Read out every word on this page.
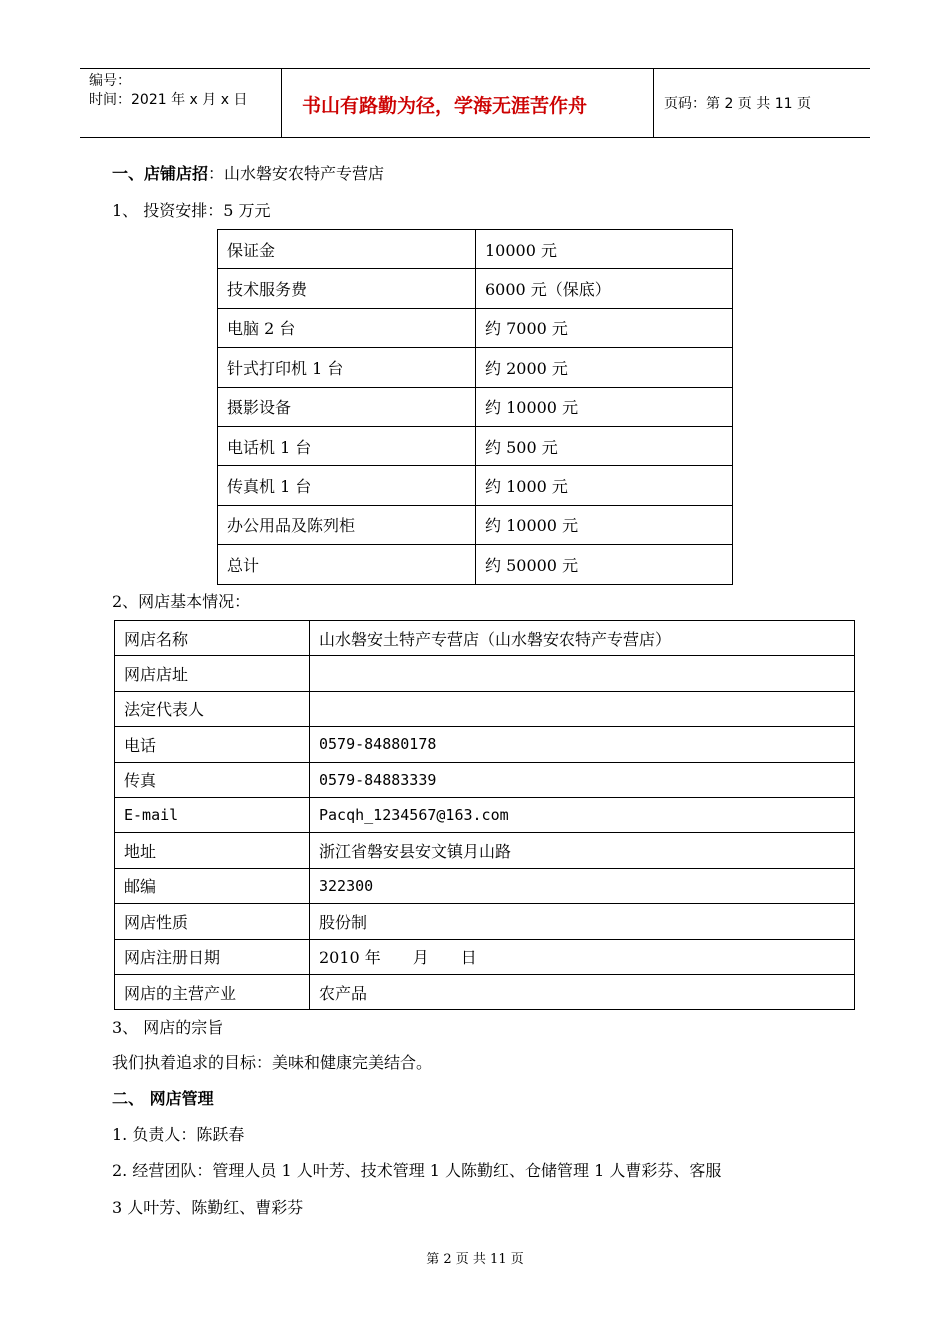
编号：
时间：2021 年 x 月 x 日	书山有路勤为径，学海无涯苦作舟	页码：第 2 页 共 11 页
一、店铺店招：山水磐安农特产专营店
1、 投资安排：5 万元
保证金	10000 元
技术服务费	6000 元（保底）
电脑 2 台	约 7000 元
针式打印机 1 台	约 2000 元
摄影设备	约 10000 元
电话机 1 台	约 500 元
传真机 1 台	约 1000 元
办公用品及陈列柜	约 10000 元
总计	约 50000 元
2、网店基本情况：
网店名称	山水磐安土特产专营店（山水磐安农特产专营店）
网店店址	
法定代表人	
电话	0579-84880178
传真	0579-84883339
E-mail	Pacqh_1234567@163.com
地址	浙江省磐安县安文镇月山路
邮编	322300
网店性质	股份制
网店注册日期	2010 年　　月　　日
网店的主营产业	农产品
3、 网店的宗旨
我们执着追求的目标：美味和健康完美结合。
二、 网店管理
1. 负责人：陈跃春
2. 经营团队：管理人员 1 人叶芳、技术管理 1 人陈勤红、仓储管理 1 人曹彩芬、客服
3 人叶芳、陈勤红、曹彩芬
第 2 页 共 11 页
